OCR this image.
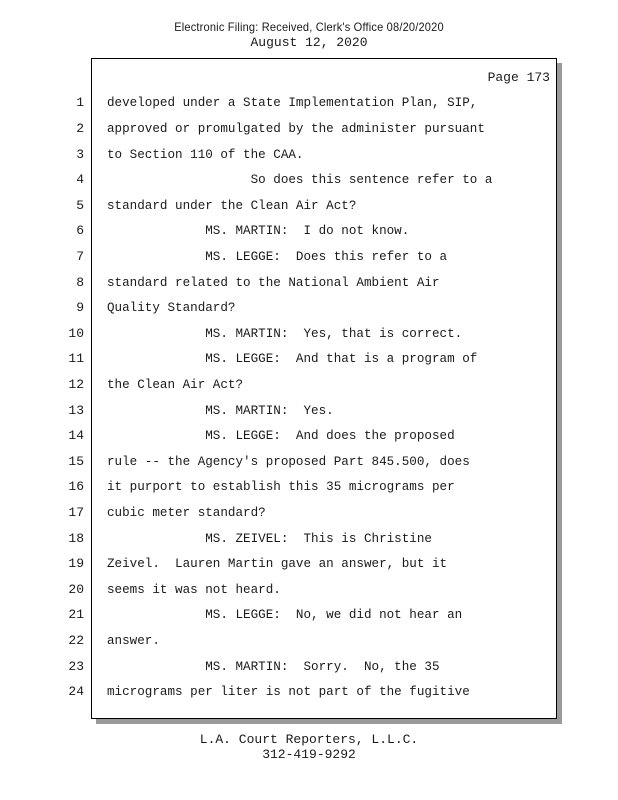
Electronic Filing: Received, Clerk's Office 08/20/2020
August 12, 2020
Page 173
1 developed under a State Implementation Plan, SIP,
2 approved or promulgated by the administer pursuant
3 to Section 110 of the CAA.
4 So does this sentence refer to a
5 standard under the Clean Air Act?
6 MS. MARTIN:  I do not know.
7 MS. LEGGE:  Does this refer to a
8 standard related to the National Ambient Air
9 Quality Standard?
10 MS. MARTIN:  Yes, that is correct.
11 MS. LEGGE:  And that is a program of
12 the Clean Air Act?
13 MS. MARTIN:  Yes.
14 MS. LEGGE:  And does the proposed
15 rule -- the Agency's proposed Part 845.500, does
16 it purport to establish this 35 micrograms per
17 cubic meter standard?
18 MS. ZEIVEL:  This is Christine
19 Zeivel.  Lauren Martin gave an answer, but it
20 seems it was not heard.
21 MS. LEGGE:  No, we did not hear an
22 answer.
23 MS. MARTIN:  Sorry.  No, the 35
24 micrograms per liter is not part of the fugitive
L.A. Court Reporters, L.L.C.
312-419-9292
